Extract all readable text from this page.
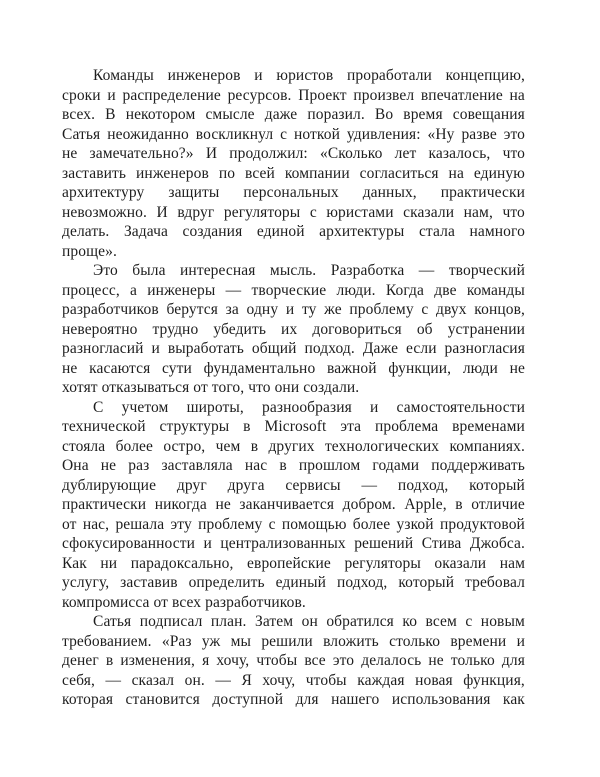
Команды инженеров и юристов проработали концепцию,
сроки и распределение ресурсов. Проект произвел впечатление на
всех. В некотором смысле даже поразил. Во время совещания
Сатья неожиданно воскликнул с ноткой удивления: «Ну разве это
не замечательно?» И продолжил: «Сколько лет казалось, что
заставить инженеров по всей компании согласиться на единую
архитектуру защиты персональных данных, практически
невозможно. И вдруг регуляторы с юристами сказали нам, что
делать. Задача создания единой архитектуры стала намного
проще».
Это была интересная мысль. Разработка — творческий
процесс, а инженеры — творческие люди. Когда две команды
разработчиков берутся за одну и ту же проблему с двух концов,
невероятно трудно убедить их договориться об устранении
разногласий и выработать общий подход. Даже если разногласия
не касаются сути фундаментально важной функции, люди не
хотят отказываться от того, что они создали.
С учетом широты, разнообразия и самостоятельности
технической структуры в Microsoft эта проблема временами
стояла более остро, чем в других технологических компаниях.
Она не раз заставляла нас в прошлом годами поддерживать
дублирующие друг друга сервисы — подход, который
практически никогда не заканчивается добром. Apple, в отличие
от нас, решала эту проблему с помощью более узкой продуктовой
сфокусированности и централизованных решений Стива Джобса.
Как ни парадоксально, европейские регуляторы оказали нам
услугу, заставив определить единый подход, который требовал
компромисса от всех разработчиков.
Сатья подписал план. Затем он обратился ко всем с новым
требованием. «Раз уж мы решили вложить столько времени и
денег в изменения, я хочу, чтобы все это делалось не только для
себя, — сказал он. — Я хочу, чтобы каждая новая функция,
которая становится доступной для нашего использования как
